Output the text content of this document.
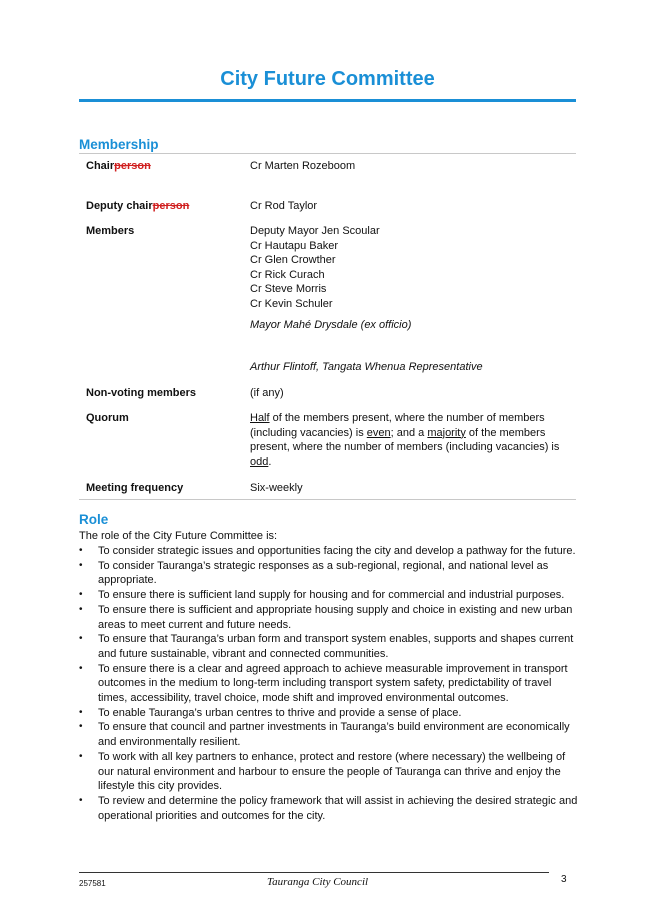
City Future Committee
Membership
Chairperson	Cr Marten Rozeboom
Deputy chairperson	Cr Rod Taylor
Members	Deputy Mayor Jen Scoular
Cr Hautapu Baker
Cr Glen Crowther
Cr Rick Curach
Cr Steve Morris
Cr Kevin Schuler
Mayor Mahé Drysdale (ex officio)
Arthur Flintoff, Tangata Whenua Representative
Non-voting members	(if any)
Quorum	Half of the members present, where the number of members
(including vacancies) is even; and a majority of the members
present, where the number of members (including vacancies) is
odd.
Meeting frequency	Six-weekly
Role
The role of the City Future Committee is:
• To consider strategic issues and opportunities facing the city and develop a pathway for the future.
• To consider Tauranga’s strategic responses as a sub-regional, regional, and national level as appropriate.
• To ensure there is sufficient land supply for housing and for commercial and industrial purposes.
• To ensure there is sufficient and appropriate housing supply and choice in existing and new urban areas to meet current and future needs.
• To ensure that Tauranga’s urban form and transport system enables, supports and shapes current and future sustainable, vibrant and connected communities.
• To ensure there is a clear and agreed approach to achieve measurable improvement in transport outcomes in the medium to long-term including transport system safety, predictability of travel times, accessibility, travel choice, mode shift and improved environmental outcomes.
• To enable Tauranga’s urban centres to thrive and provide a sense of place.
• To ensure that council and partner investments in Tauranga’s build environment are economically and environmentally resilient.
• To work with all key partners to enhance, protect and restore (where necessary) the wellbeing of our natural environment and harbour to ensure the people of Tauranga can thrive and enjoy the lifestyle this city provides.
• To review and determine the policy framework that will assist in achieving the desired strategic and operational priorities and outcomes for the city.
257581	Tauranga City Council	3
